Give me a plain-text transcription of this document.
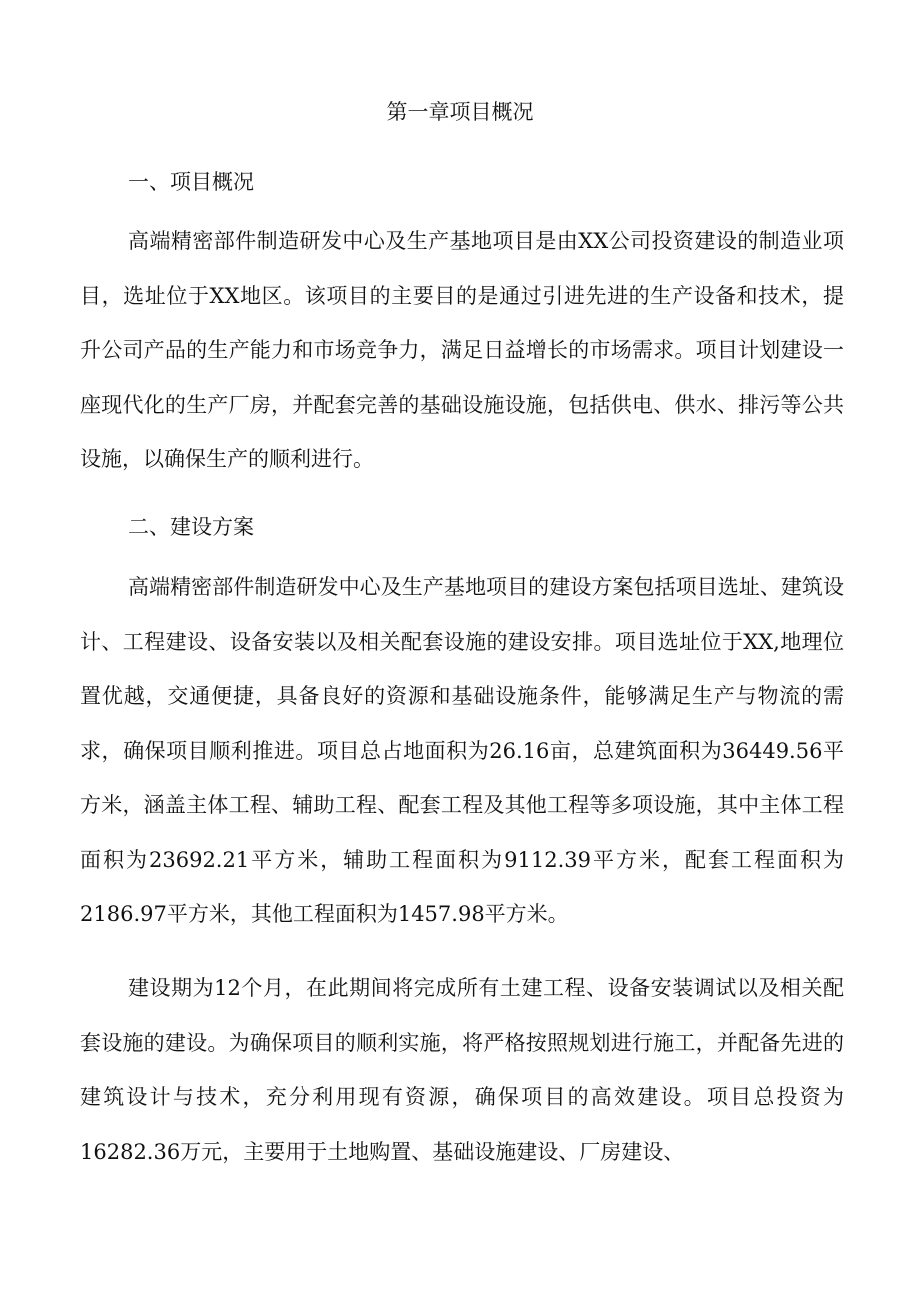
第一章项目概况
一、项目概况

高端精密部件制造研发中心及生产基地项目是由XX公司投资建设的制造业项目，选址位于XX地区。该项目的主要目的是通过引进先进的生产设备和技术，提升公司产品的生产能力和市场竞争力，满足日益增长的市场需求。项目计划建设一座现代化的生产厂房，并配套完善的基础设施设施，包括供电、供水、排污等公共设施，以确保生产的顺利进行。

二、建设方案

高端精密部件制造研发中心及生产基地项目的建设方案包括项目选址、建筑设计、工程建设、设备安装以及相关配套设施的建设安排。项目选址位于XX,地理位置优越，交通便捷，具备良好的资源和基础设施条件，能够满足生产与物流的需求，确保项目顺利推进。项目总占地面积为26.16亩，总建筑面积为36449.56平方米，涵盖主体工程、辅助工程、配套工程及其他工程等多项设施，其中主体工程面积为23692.21平方米，辅助工程面积为9112.39平方米，配套工程面积为2186.97平方米，其他工程面积为1457.98平方米。

建设期为12个月，在此期间将完成所有土建工程、设备安装调试以及相关配套设施的建设。为确保项目的顺利实施，将严格按照规划进行施工，并配备先进的建筑设计与技术，充分利用现有资源，确保项目的高效建设。项目总投资为16282.36万元，主要用于土地购置、基础设施建设、厂房建设、
